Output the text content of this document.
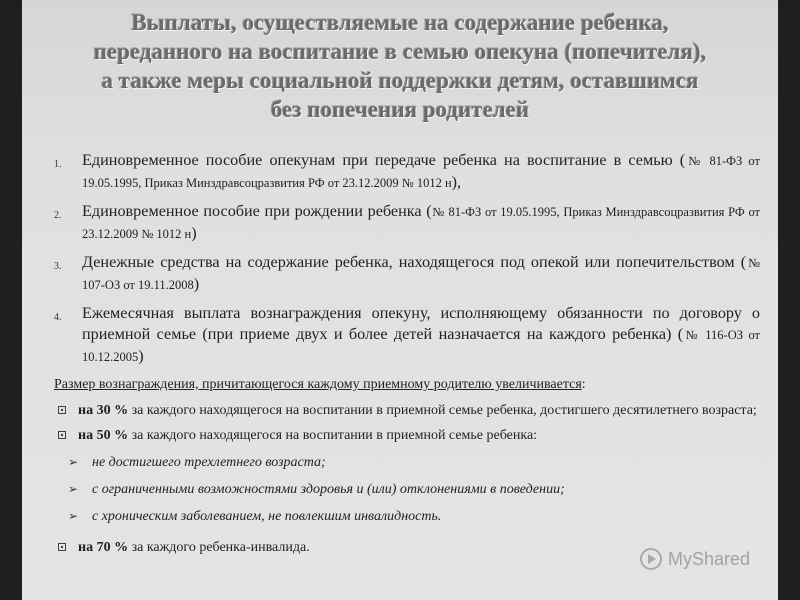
Выплаты, осуществляемые на содержание ребенка,
переданного на воспитание в семью опекуна (попечителя),
а также меры социальной поддержки детям, оставшимся
без попечения родителей
1. Единовременное пособие опекунам при передаче ребенка на воспитание в семью (№ 81-ФЗ от 19.05.1995, Приказ Минздравсоцразвития РФ от 23.12.2009 № 1012 н),
2. Единовременное пособие при рождении ребенка (№ 81-ФЗ от 19.05.1995, Приказ Минздравсоцразвития РФ от 23.12.2009 № 1012 н)
3. Денежные средства на содержание ребенка, находящегося под опекой или попечительством (№ 107-ОЗ от 19.11.2008)
4. Ежемесячная выплата вознаграждения опекуну, исполняющему обязанности по договору о приемной семье (при приеме двух и более детей назначается на каждого ребенка) (№ 116-ОЗ от 10.12.2005)
Размер вознаграждения, причитающегося каждому приемному родителю увеличивается:
на 30 % за каждого находящегося на воспитании в приемной семье ребенка, достигшего десятилетнего возраста;
на 50 % за каждого находящегося на воспитании в приемной семье ребенка:
➢ не достигшего трехлетнего возраста;
➢ с ограниченными возможностями здоровья и (или) отклонениями в поведении;
➢ с хроническим заболеванием, не повлекшим инвалидность.
на 70 % за каждого ребенка-инвалида.
MyShared
